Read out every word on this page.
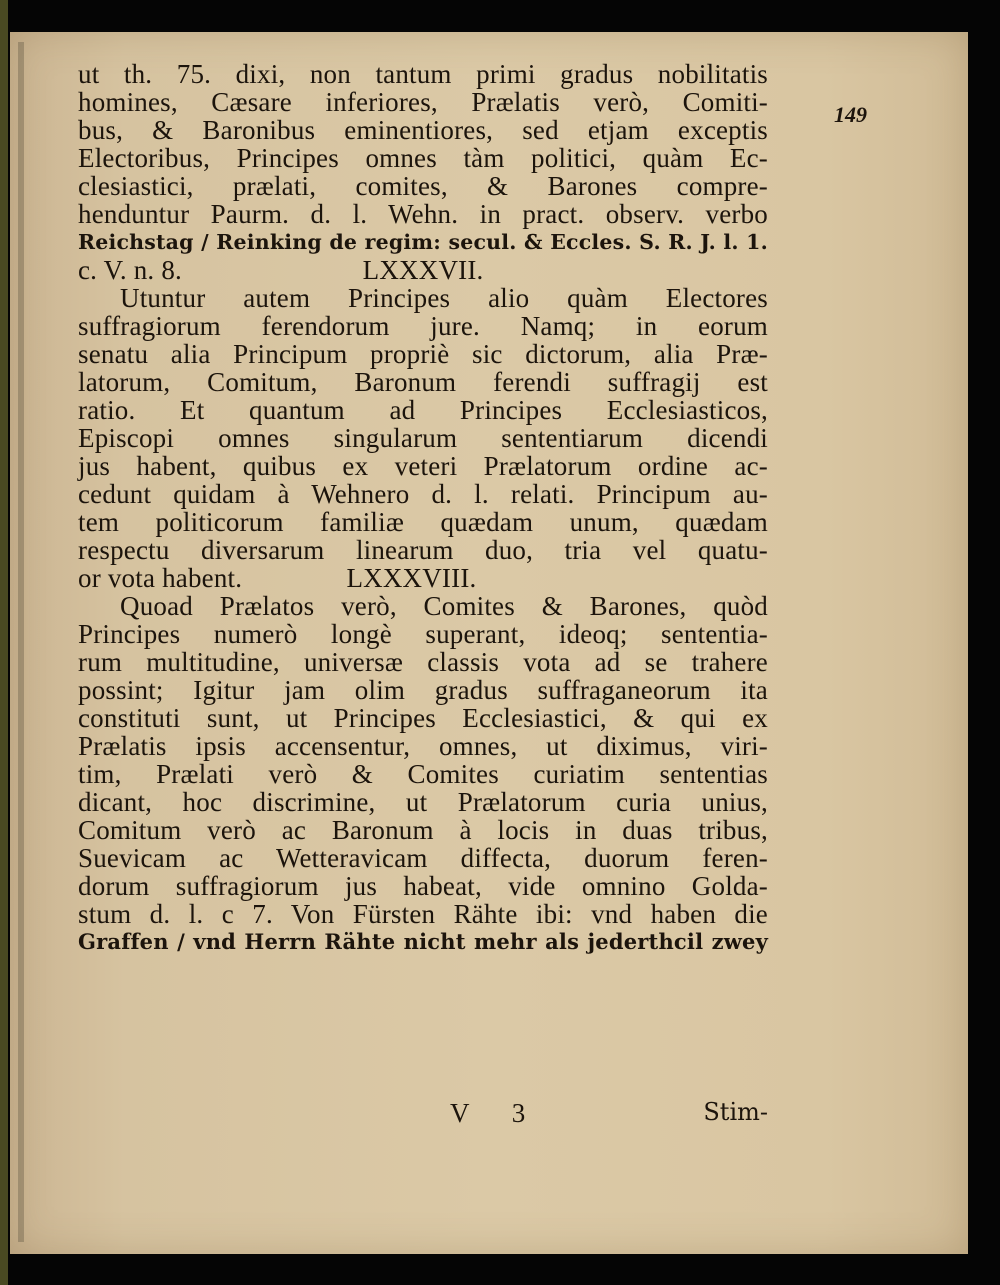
149
ut th. 75. dixi, non tantum primi gradus nobilitatis
homines, Cæsare inferiores, Prælatis verò, Comiti-
bus, & Baronibus eminentiores, sed etjam exceptis
Electoribus, Principes omnes tàm politici, quàm Ec-
clesiastici, prælati, comites, & Barones compre-
henduntur Paurm. d. l. Wehn. in pract. observ. verbo
Reichstag / Reinking de regim: secul. & Eccles. S. R. J. l. 1.
c. V. n. 8.                          LXXXVII.
Utuntur autem Principes alio quàm Electores
suffragiorum ferendorum jure. Namq; in eorum
senatu alia Principum propriè sic dictorum, alia Præ-
latorum, Comitum, Baronum ferendi suffragij est
ratio. Et quantum ad Principes Ecclesiasticos,
Episcopi omnes singularum sententiarum dicendi
jus habent, quibus ex veteri Prælatorum ordine ac-
cedunt quidam à Wehnero d. l. relati. Principum au-
tem politicorum familiæ quædam unum, quædam
respectu diversarum linearum duo, tria vel quatu-
or vota habent.               LXXXVIII.
Quoad Prælatos verò, Comites & Barones, quòd
Principes numerò longè superant, ideoq; sententia-
rum multitudine, universæ classis vota ad se trahere
possint; Igitur jam olim gradus suffraganeorum ita
constituti sunt, ut Principes Ecclesiastici, & qui ex
Prælatis ipsis accensentur, omnes, ut diximus, viri-
tim, Prælati verò & Comites curiatim sententias
dicant, hoc discrimine, ut Prælatorum curia unius,
Comitum verò ac Baronum à locis in duas tribus,
Suevicam ac Wetteravicam diffecta, duorum feren-
dorum suffragiorum jus habeat, vide omnino Golda-
stum d. l. c 7. Von Fürsten Rähte ibi: vnd haben die
Graffen / vnd Herrn Rähte nicht mehr als jederthcil zwey
V 3	Stim-
